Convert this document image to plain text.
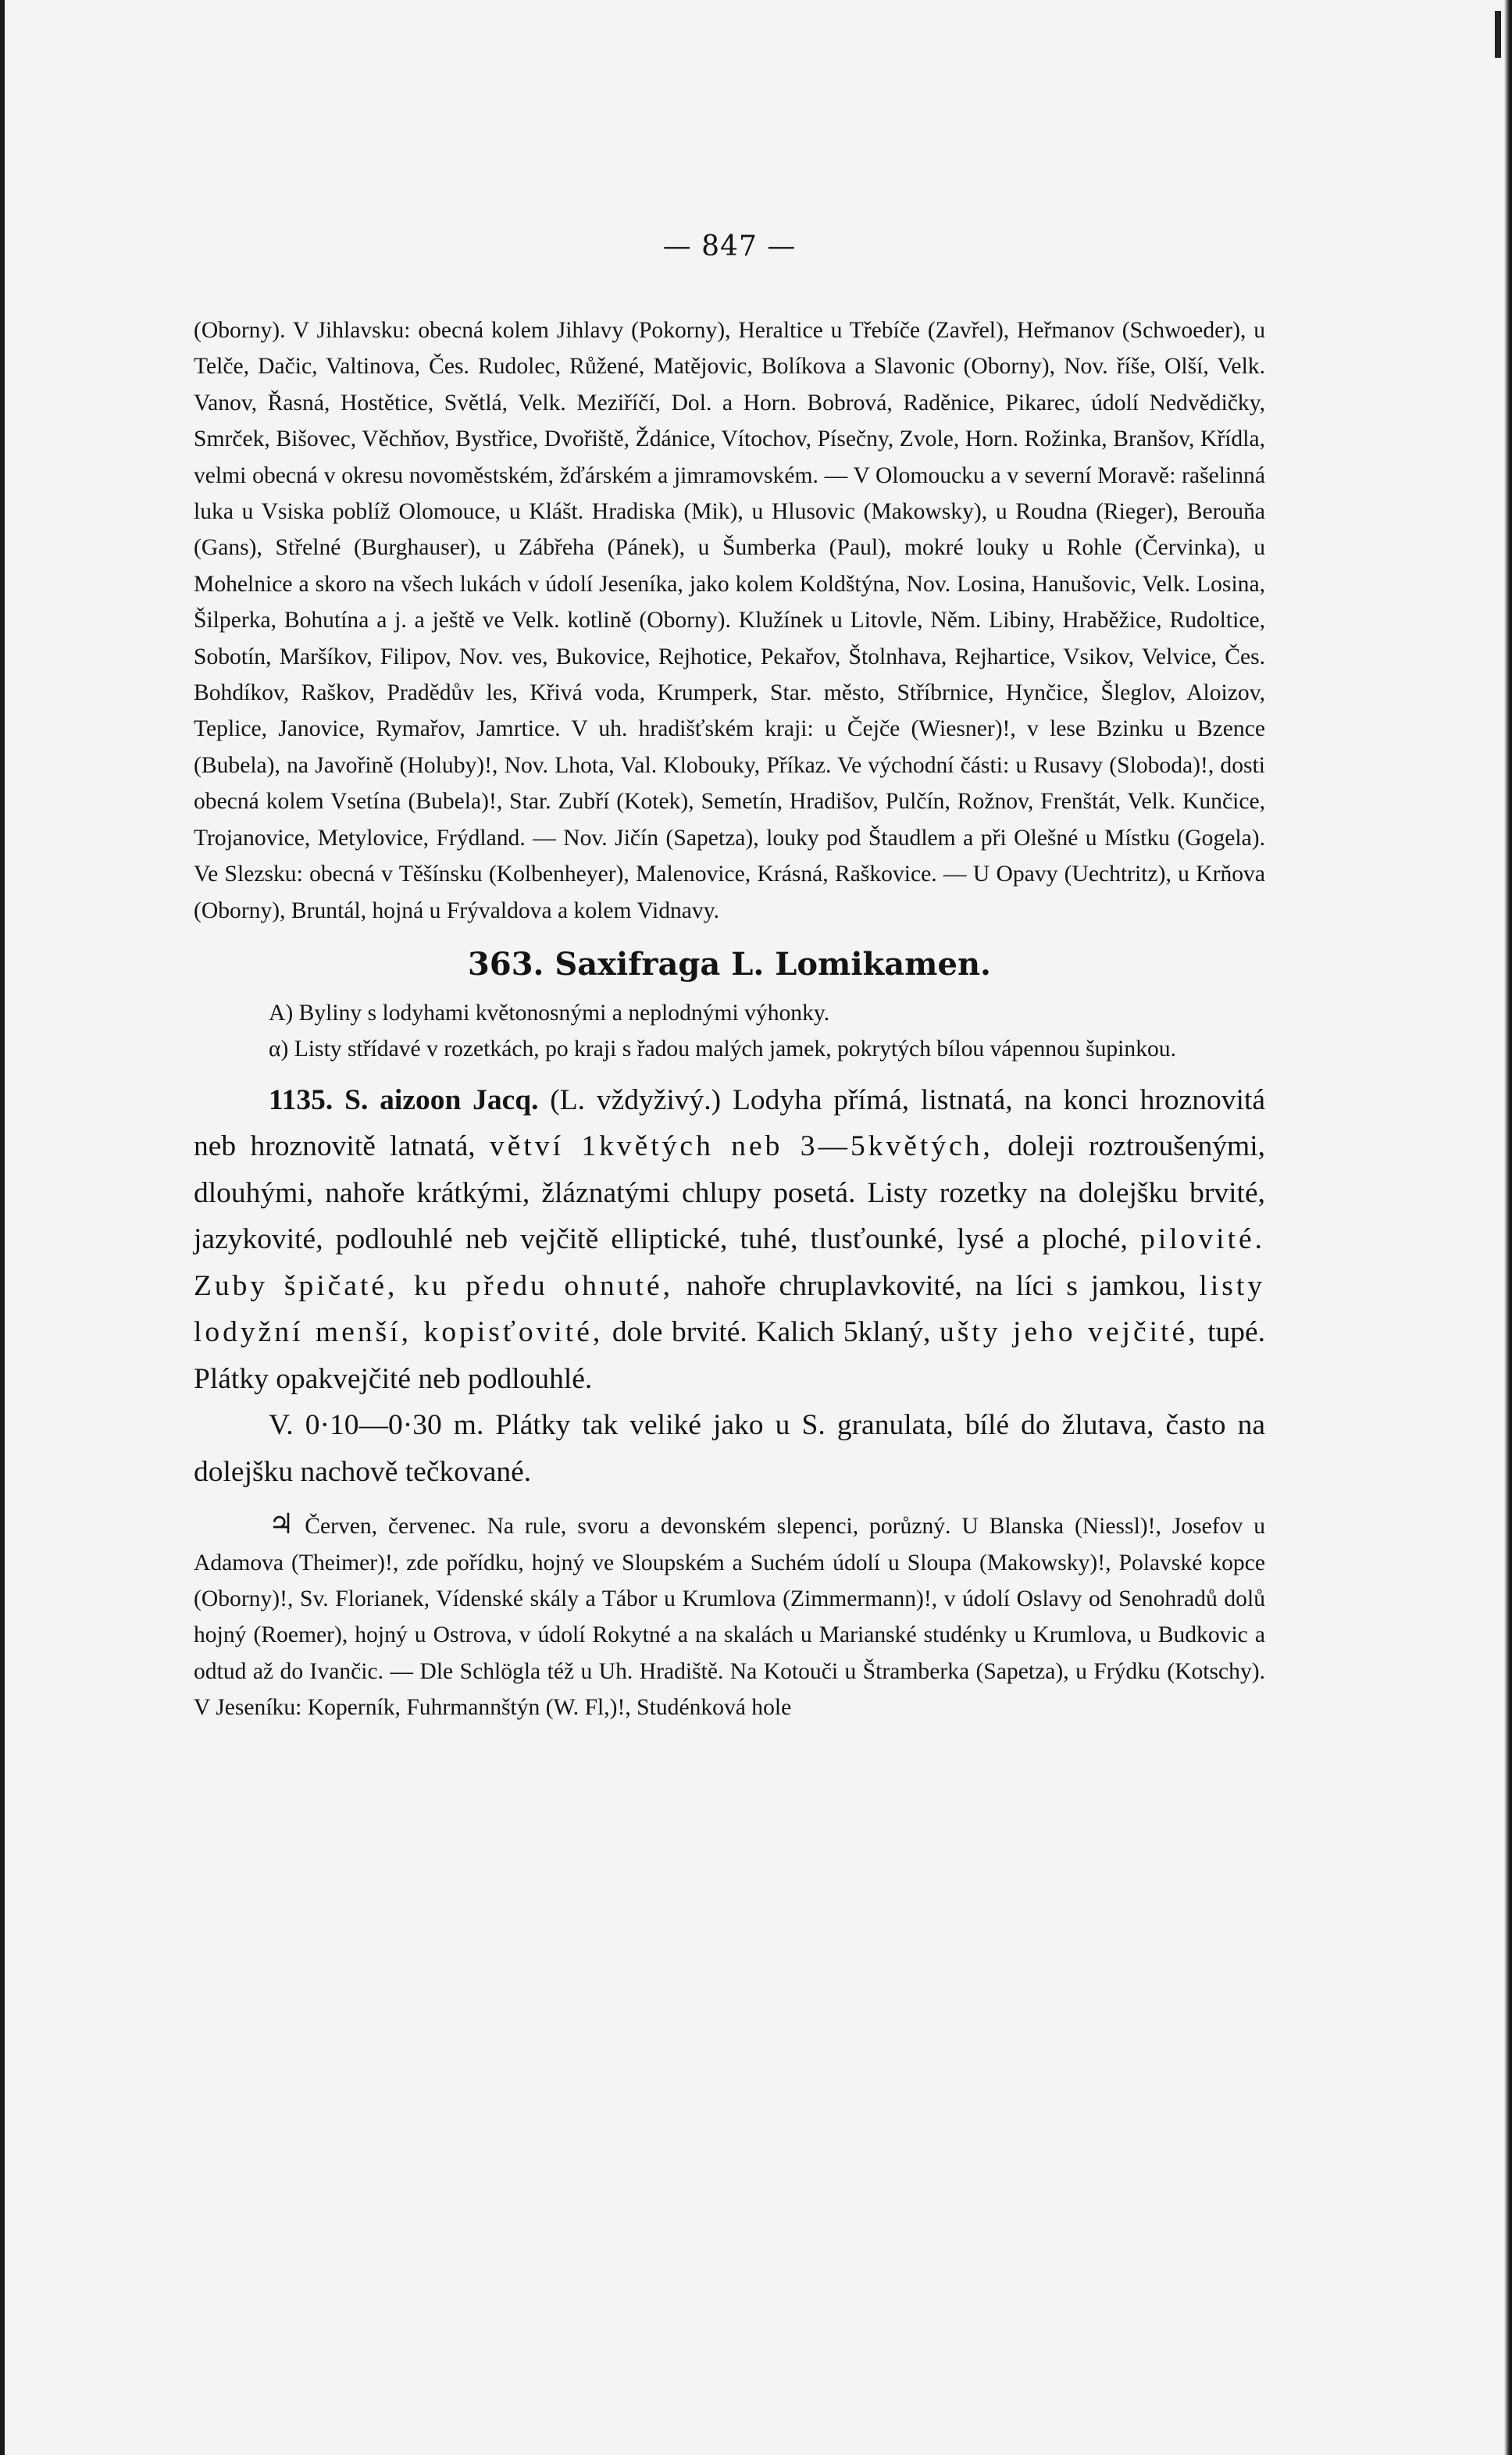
— 847 —

(Oborny). V Jihlavsku: obecná kolem Jihlavy (Pokorny), Heraltice u Třebíče (Zavřel), Heřmanov (Schwoeder), u Telče, Dačic, Valtinova, Čes. Rudolec, Růžené, Matějovic, Bolíkova a Slavonic (Oborny), Nov. říše, Olší, Velk. Vanov, Řasná, Hostětice, Světlá, Velk. Meziříčí, Dol. a Horn. Bobrová, Raděnice, Pikarec, údolí Nedvědičky, Smrček, Bišovec, Věchňov, Bystřice, Dvořiště, Ždánice, Vítochov, Písečny, Zvole, Horn. Rožinka, Branšov, Křídla, velmi obecná v okresu novoměstském, žďárském a jimramovském. — V Olomoucku a v severní Moravě: rašelinná luka u Vsiska poblíž Olomouce, u Klášt. Hradiska (Mik), u Hlusovic (Makowsky), u Roudna (Rieger), Berouňa (Gans), Střelné (Burghauser), u Zábřeha (Pánek), u Šumberka (Paul), mokré louky u Rohle (Červinka), u Mohelnice a skoro na všech lukách v údolí Jeseníka, jako kolem Koldštýna, Nov. Losina, Hanušovic, Velk. Losina, Šilperka, Bohutína a j. a ještě ve Velk. kotlině (Oborny). Klužínek u Litovle, Něm. Libiny, Hraběžice, Rudoltice, Sobotín, Maršíkov, Filipov, Nov. ves, Bukovice, Rejhotice, Pekařov, Štolnhava, Rejhartice, Vsikov, Velvice, Čes. Bohdíkov, Raškov, Pradědův les, Křivá voda, Krumperk, Star. město, Stříbrnice, Hynčice, Šleglov, Aloizov, Teplice, Janovice, Rymařov, Jamrtice. V uh. hradišťském kraji: u Čejče (Wiesner)!, v lese Bzinku u Bzence (Bubela), na Javořině (Holuby)!, Nov. Lhota, Val. Klobouky, Příkaz. Ve východní části: u Rusavy (Sloboda)!, dosti obecná kolem Vsetína (Bubela)!, Star. Zubří (Kotek), Semetín, Hradišov, Pulčín, Rožnov, Frenštát, Velk. Kunčice, Trojanovice, Metylovice, Frýdland. — Nov. Jičín (Sapetza), louky pod Štaudlem a při Olešné u Místku (Gogela). Ve Slezsku: obecná v Těšínsku (Kolbenheyer), Malenovice, Krásná, Raškovice. — U Opavy (Uechtritz), u Krňova (Oborny), Bruntál, hojná u Frývaldova a kolem Vidnavy.

363. Saxifraga L. Lomikamen.

A) Byliny s lodyhami květonosnými a neplodnými výhonky.

α) Listy střídavé v rozetkách, po kraji s řadou malých jamek, pokrytých bílou vápennou šupinkou.

1135. S. aizoon Jacq. (L. vždyživý.) Lodyha přímá, listnatá, na konci hroznovitá neb hroznovitě latnatá, větví 1květých neb 3—5květých, doleji roztroušenými, dlouhými, nahoře krátkými, žláznatými chlupy posetá. Listy rozetky na dolejšku brvité, jazykovité, podlouhlé neb vejčitě elliptické, tuhé, tlusťounké, lysé a ploché, pilovité. Zuby špičaté, ku předu ohnuté, nahoře chruplavkovité, na líci s jamkou, listy lodyžní menší, kopisťovité, dole brvité. Kalich 5klaný, ušty jeho vejčité, tupé. Plátky opakvejčité neb podlouhlé.
V. 0·10—0·30 m. Plátky tak veliké jako u S. granulata, bílé do žlutava, často na dolejšku nachově tečkované.

♃ Červen, červenec. Na rule, svoru a devonském slepenci, porůzný. U Blanska (Niessl)!, Josefov u Adamova (Theimer)!, zde pořídku, hojný ve Sloupském a Suchém údolí u Sloupa (Makowsky)!, Polavské kopce (Oborny)!, Sv. Florianek, Vídenské skály a Tábor u Krumlova (Zimmermann)!, v údolí Oslavy od Senohradů dolů hojný (Roemer), hojný u Ostrova, v údolí Rokytné a na skalách u Marianské studénky u Krumlova, u Budkovic a odtud až do Ivančic. — Dle Schlögla též u Uh. Hradiště. Na Kotouči u Štramberka (Sapetza), u Frýdku (Kotschy). V Jeseníku: Koperník, Fuhrmannštýn (W. Fl,)!, Studénková hole
